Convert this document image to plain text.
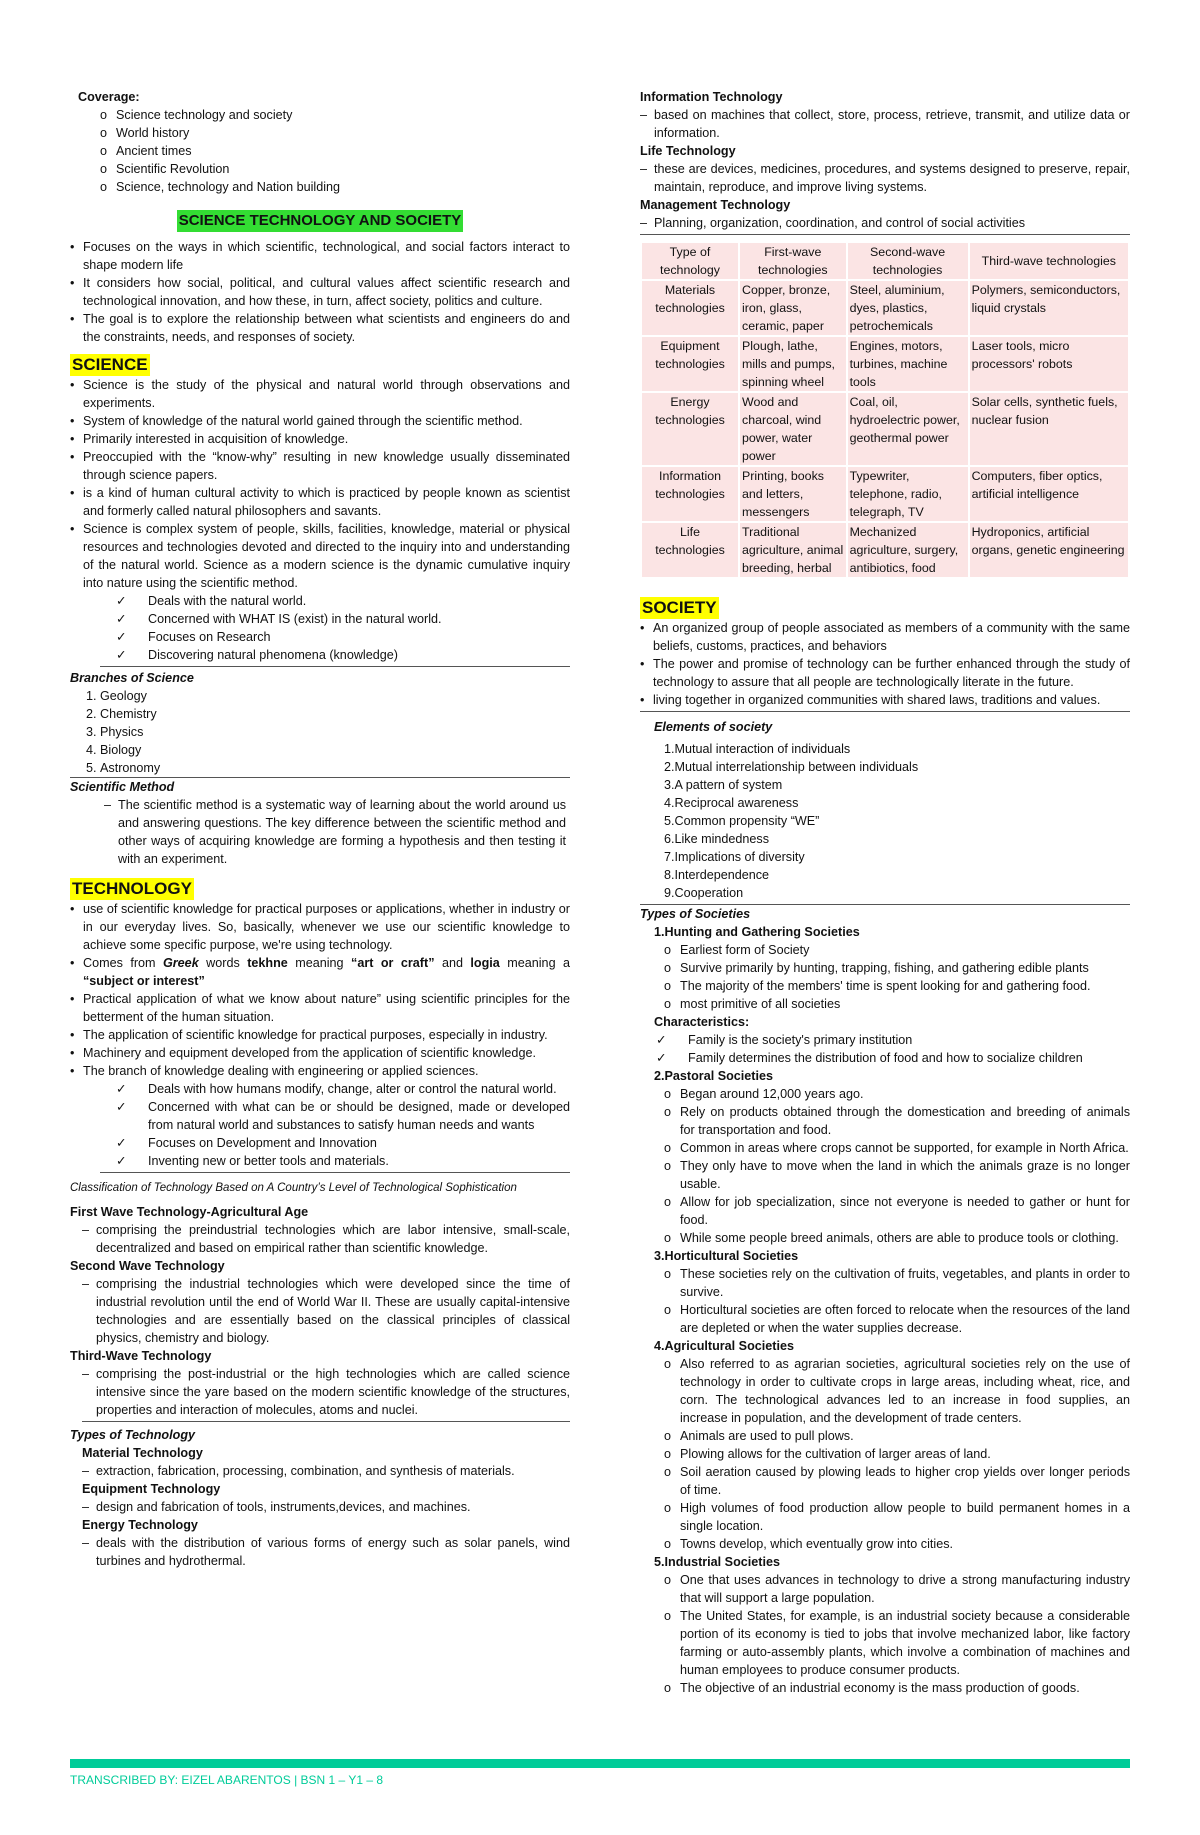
Coverage:
o Science technology and society
o World history
o Ancient times
o Scientific Revolution
o Science, technology and Nation building
SCIENCE TECHNOLOGY AND SOCIETY
• Focuses on the ways in which scientific, technological, and social factors interact to shape modern life
• It considers how social, political, and cultural values affect scientific research and technological innovation, and how these, in turn, affect society, politics and culture.
• The goal is to explore the relationship between what scientists and engineers do and the constraints, needs, and responses of society.
SCIENCE
• Science is the study of the physical and natural world through observations and experiments.
• System of knowledge of the natural world gained through the scientific method.
• Primarily interested in acquisition of knowledge.
• Preoccupied with the “know-why” resulting in new knowledge usually disseminated through science papers.
• is a kind of human cultural activity to which is practiced by people known as scientist and formerly called natural philosophers and savants.
• Science is complex system of people, skills, facilities, knowledge, material or physical resources and technologies devoted and directed to the inquiry into and understanding of the natural world. Science as a modern science is the dynamic cumulative inquiry into nature using the scientific method.
✓ Deals with the natural world.
✓ Concerned with WHAT IS (exist) in the natural world.
✓ Focuses on Research
✓ Discovering natural phenomena (knowledge)
Branches of Science
1. Geology
2. Chemistry
3. Physics
4. Biology
5. Astronomy
Scientific Method
– The scientific method is a systematic way of learning about the world around us and answering questions. The key difference between the scientific method and other ways of acquiring knowledge are forming a hypothesis and then testing it with an experiment.
TECHNOLOGY
• use of scientific knowledge for practical purposes or applications, whether in industry or in our everyday lives. So, basically, whenever we use our scientific knowledge to achieve some specific purpose, we're using technology.
• Comes from Greek words tekhne meaning “art or craft” and logia meaning a “subject or interest”
• Practical application of what we know about nature” using scientific principles for the betterment of the human situation.
• The application of scientific knowledge for practical purposes, especially in industry.
• Machinery and equipment developed from the application of scientific knowledge.
• The branch of knowledge dealing with engineering or applied sciences.
✓ Deals with how humans modify, change, alter or control the natural world.
✓ Concerned with what can be or should be designed, made or developed from natural world and substances to satisfy human needs and wants
✓ Focuses on Development and Innovation
✓ Inventing new or better tools and materials.
Classification of Technology Based on A Country’s Level of Technological Sophistication
First Wave Technology-Agricultural Age
– comprising the preindustrial technologies which are labor intensive, small-scale, decentralized and based on empirical rather than scientific knowledge.
Second Wave Technology
– comprising the industrial technologies which were developed since the time of industrial revolution until the end of World War II. These are usually capital-intensive technologies and are essentially based on the classical principles of classical physics, chemistry and biology.
Third-Wave Technology
– comprising the post-industrial or the high technologies which are called science intensive since the yare based on the modern scientific knowledge of the structures, properties and interaction of molecules, atoms and nuclei.
Types of Technology
Material Technology
– extraction, fabrication, processing, combination, and synthesis of materials.
Equipment Technology
– design and fabrication of tools, instruments,devices, and machines.
Energy Technology
– deals with the distribution of various forms of energy such as solar panels, wind turbines and hydrothermal.
Information Technology
– based on machines that collect, store, process, retrieve, transmit, and utilize data or information.
Life Technology
– these are devices, medicines, procedures, and systems designed to preserve, repair, maintain, reproduce, and improve living systems.
Management Technology
– Planning, organization, coordination, and control of social activities
Type of technology	First-wave technologies	Second-wave technologies	Third-wave technologies
Materials technologies	Copper, bronze, iron, glass, ceramic, paper	Steel, aluminium, dyes, plastics, petrochemicals	Polymers, semiconductors, liquid crystals
Equipment technologies	Plough, lathe, mills and pumps, spinning wheel	Engines, motors, turbines, machine tools	Laser tools, micro processors' robots
Energy technologies	Wood and charcoal, wind power, water power	Coal, oil, hydroelectric power, geothermal power	Solar cells, synthetic fuels, nuclear fusion
Information technologies	Printing, books and letters, messengers	Typewriter, telephone, radio, telegraph, TV	Computers, fiber optics, artificial intelligence
Life technologies	Traditional agriculture, animal breeding, herbal	Mechanized agriculture, surgery, antibiotics, food	Hydroponics, artificial organs, genetic engineering
SOCIETY
• An organized group of people associated as members of a community with the same beliefs, customs, practices, and behaviors
• The power and promise of technology can be further enhanced through the study of technology to assure that all people are technologically literate in the future.
• living together in organized communities with shared laws, traditions and values.
Elements of society
1.Mutual interaction of individuals
2.Mutual interrelationship between individuals
3.A pattern of system
4.Reciprocal awareness
5.Common propensity “WE”
6.Like mindedness
7.Implications of diversity
8.Interdependence
9.Cooperation
Types of Societies
1.Hunting and Gathering Societies
o Earliest form of Society
o Survive primarily by hunting, trapping, fishing, and gathering edible plants
o The majority of the members' time is spent looking for and gathering food.
o most primitive of all societies
Characteristics:
✓ Family is the society's primary institution
✓ Family determines the distribution of food and how to socialize children
2.Pastoral Societies
o Began around 12,000 years ago.
o Rely on products obtained through the domestication and breeding of animals for transportation and food.
o Common in areas where crops cannot be supported, for example in North Africa.
o They only have to move when the land in which the animals graze is no longer usable.
o Allow for job specialization, since not everyone is needed to gather or hunt for food.
o While some people breed animals, others are able to produce tools or clothing.
3.Horticultural Societies
o These societies rely on the cultivation of fruits, vegetables, and plants in order to survive.
o Horticultural societies are often forced to relocate when the resources of the land are depleted or when the water supplies decrease.
4.Agricultural Societies
o Also referred to as agrarian societies, agricultural societies rely on the use of technology in order to cultivate crops in large areas, including wheat, rice, and corn. The technological advances led to an increase in food supplies, an increase in population, and the development of trade centers.
o Animals are used to pull plows.
o Plowing allows for the cultivation of larger areas of land.
o Soil aeration caused by plowing leads to higher crop yields over longer periods of time.
o High volumes of food production allow people to build permanent homes in a single location.
o Towns develop, which eventually grow into cities.
5.Industrial Societies
o One that uses advances in technology to drive a strong manufacturing industry that will support a large population.
o The United States, for example, is an industrial society because a considerable portion of its economy is tied to jobs that involve mechanized labor, like factory farming or auto-assembly plants, which involve a combination of machines and human employees to produce consumer products.
o The objective of an industrial economy is the mass production of goods.
TRANSCRIBED BY: EIZEL ABARENTOS | BSN 1 – Y1 – 8
